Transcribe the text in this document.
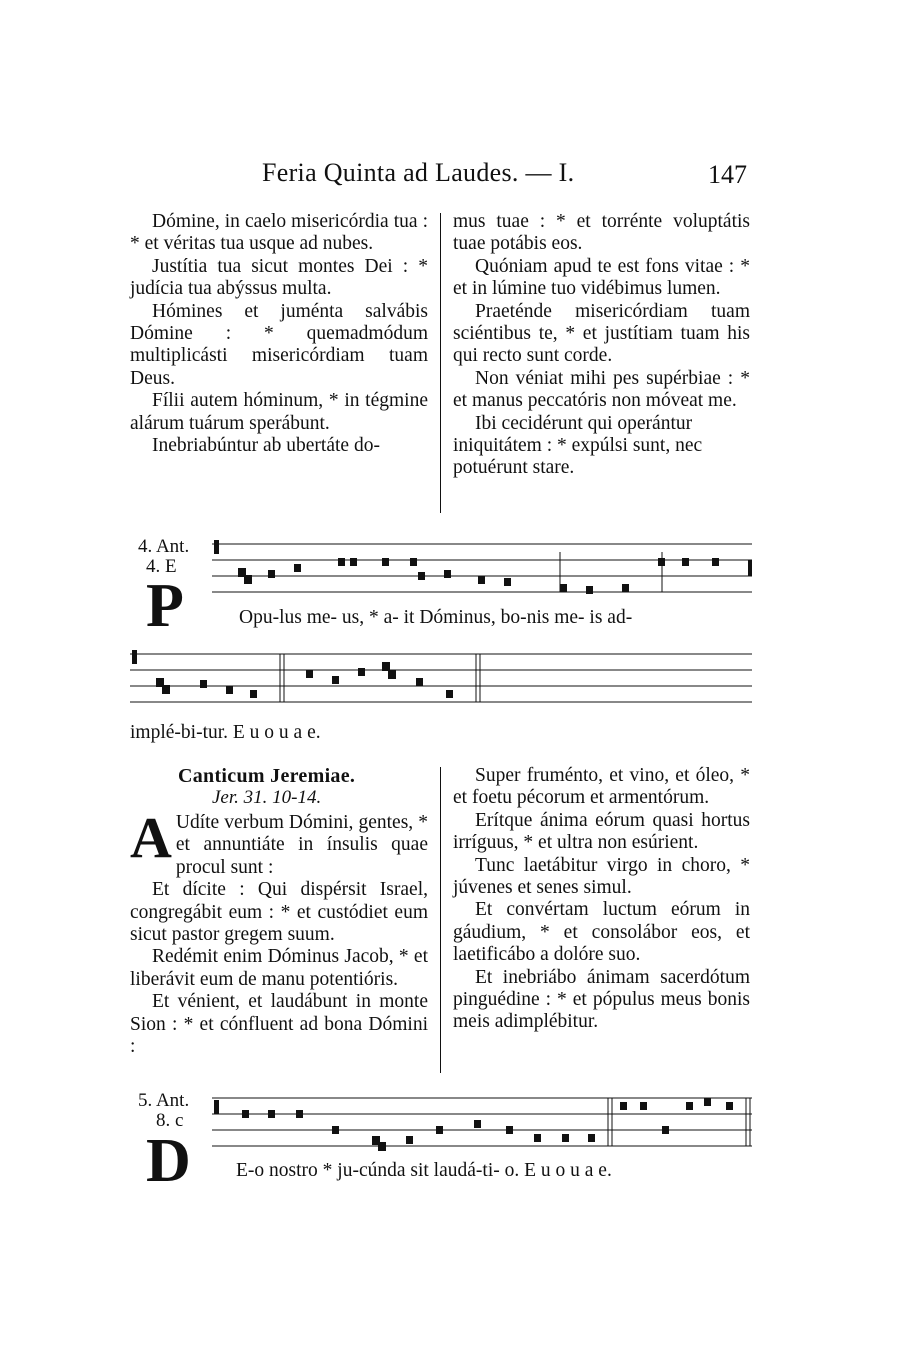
Feria Quinta ad Laudes. — I.	147

Dómine, in caelo misericórdia tua : * et véritas tua usque ad nubes.

Justítia tua sicut montes Dei : * judícia tua abýssus multa.

Hómines et juménta salvábis Dómine : * quemadmódum multiplicásti misericórdiam tuam Deus.

Fílii autem hóminum, * in tégmine alárum tuárum sperábunt.

Inebriabúntur ab ubertáte do-

mus tuae : * et torrénte voluptátis tuae potábis eos.

Quóniam apud te est fons vitae : * et in lúmine tuo vidébimus lumen.

Praeténde misericórdiam tuam sciéntibus te, * et justítiam tuam his qui recto sunt corde.

Non véniat mihi pes supérbiae : * et manus peccatóris non móveat me.

Ibi cecidérunt qui operántur iniquitátem : * expúlsi sunt, nec potuérunt stare.

4. Ant.
4. E
P	Opu-lus me- us, * a- it Dóminus, bo-nis me- is ad-
implé-bi-tur. E u o u a e.
Canticum Jeremiae.
Jer. 31. 10-14.

A Udíte verbum Dómini, gentes, * et annuntiáte in ínsulis quae procul sunt :

Et dícite : Qui dispérsit Israel, congregábit eum : * et custódiet eum sicut pastor gregem suum.

Redémit enim Dóminus Jacob, * et liberávit eum de manu potentióris.

Et vénient, et laudábunt in monte Sion : * et cónfluent ad bona Dómini :

Super fruménto, et vino, et óleo, * et foetu pécorum et armentórum.

Erítque ánima eórum quasi hortus irríguus, * et ultra non esúrient.

Tunc laetábitur virgo in choro, * júvenes et senes simul.

Et convértam luctum eórum in gáudium, * et consolábor eos, et laetificábo a dolóre suo.

Et inebriábo ánimam sacerdótum pinguédine : * et pópulus meus bonis meis adimplébitur.

5. Ant.
8. c
D E-o nostro * ju-cúnda sit laudá-ti- o. E u o u a e.
